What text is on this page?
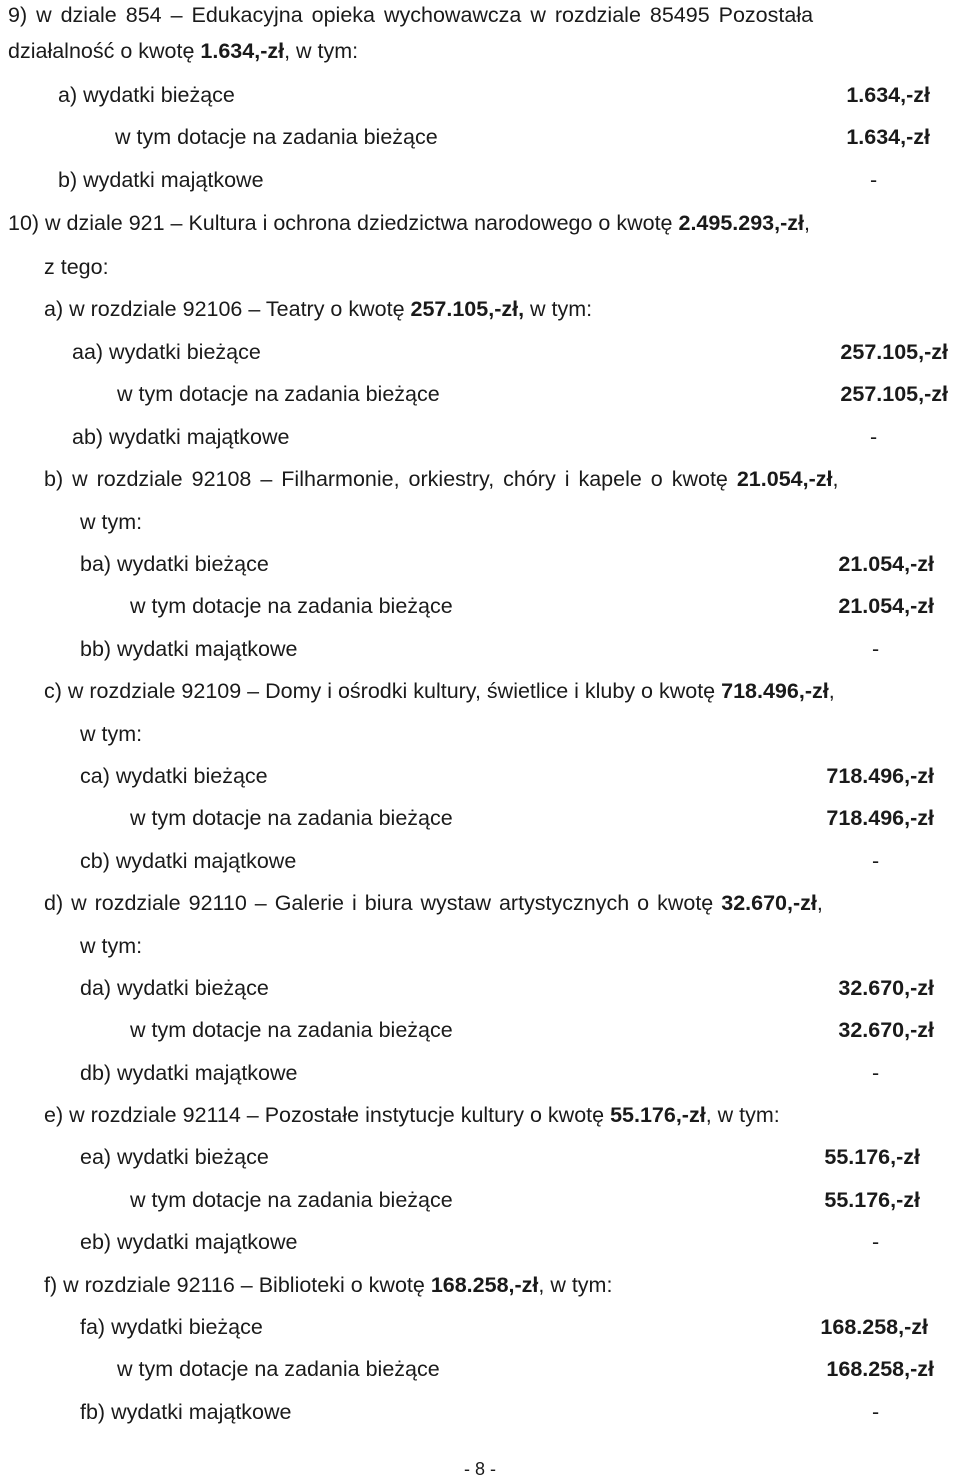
9) w dziale 854 – Edukacyjna opieka wychowawcza w rozdziale 85495 Pozostała
działalność o kwotę 1.634,-zł, w tym:
a) wydatki bieżące	1.634,-zł
w tym dotacje na zadania bieżące	1.634,-zł
b) wydatki majątkowe	-
10) w dziale 921 – Kultura i ochrona dziedzictwa narodowego o kwotę 2.495.293,-zł,
z tego:
a) w rozdziale 92106 – Teatry o kwotę 257.105,-zł, w tym:
aa) wydatki bieżące	257.105,-zł
w tym dotacje na zadania bieżące	257.105,-zł
ab) wydatki majątkowe	-
b) w rozdziale 92108 – Filharmonie, orkiestry, chóry i kapele o kwotę 21.054,-zł,
w tym:
ba) wydatki bieżące	21.054,-zł
w tym dotacje na zadania bieżące	21.054,-zł
bb) wydatki majątkowe	-
c) w rozdziale 92109 – Domy i ośrodki kultury, świetlice i kluby o kwotę 718.496,-zł,
w tym:
ca) wydatki bieżące	718.496,-zł
w tym dotacje na zadania bieżące	718.496,-zł
cb) wydatki majątkowe	-
d) w rozdziale 92110 – Galerie i biura wystaw artystycznych o kwotę 32.670,-zł,
w tym:
da) wydatki bieżące	32.670,-zł
w tym dotacje na zadania bieżące	32.670,-zł
db) wydatki majątkowe	-
e) w rozdziale 92114 – Pozostałe instytucje kultury o kwotę 55.176,-zł, w tym:
ea) wydatki bieżące	55.176,-zł
w tym dotacje na zadania bieżące	55.176,-zł
eb) wydatki majątkowe	-
f) w rozdziale 92116 – Biblioteki o kwotę 168.258,-zł, w tym:
fa) wydatki bieżące	168.258,-zł
w tym dotacje na zadania bieżące	168.258,-zł
fb) wydatki majątkowe	-
- 8 -
